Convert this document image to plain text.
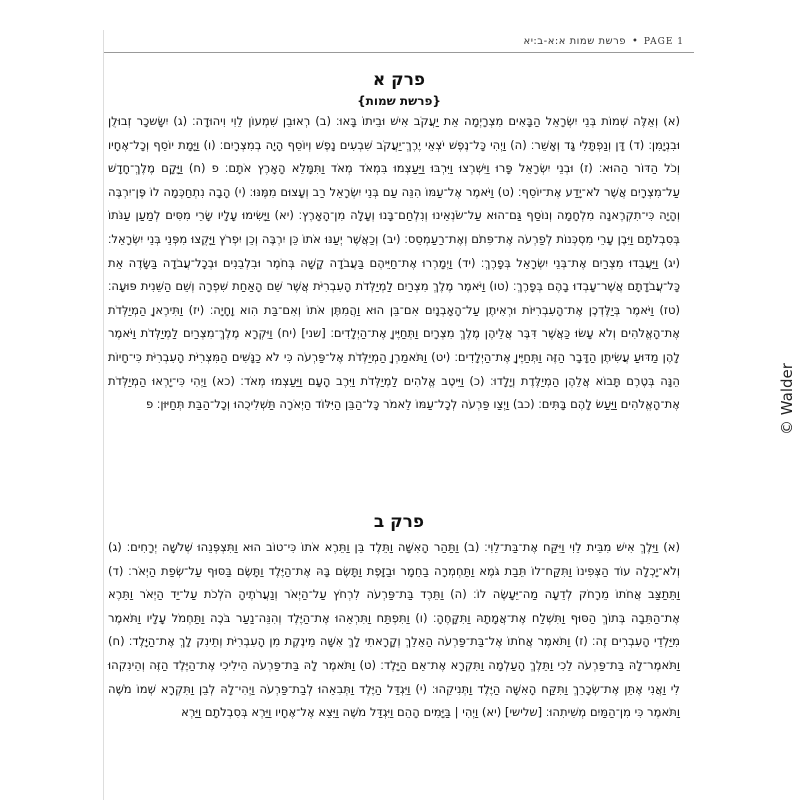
פרשת שמות א:א-ב:יא • PAGE 1
פרק א
{פרשת שמות}
(א) וְאֵלֶּה שְׁמוֹת בְּנֵי יִשְׂרָאֵל הַבָּאִים מִצְרָיְמָה אֵת יַעֲקֹב אִישׁ וּבֵיתוֹ בָּאוּ׃ (ב) רְאוּבֵן שִׁמְעוֹן לֵוִי וִיהוּדָה׃ (ג) יִשָּׂשכָר זְבוּלֻן וּבִנְיָמִן׃ (ד) דָּן וְנַפְתָּלִי גָּד וְאָשֵׁר׃ (ה) וַיְהִי כָּל־נֶפֶשׁ יֹצְאֵי יֶרֶךְ־יַעֲקֹב שִׁבְעִים נָפֶשׁ וְיוֹסֵף הָיָה בְמִצְרָיִם׃ (ו) וַיָּמָת יוֹסֵף וְכָל־אֶחָיו וְכֹל הַדּוֹר הַהוּא׃ (ז) וּבְנֵי יִשְׂרָאֵל פָּרוּ וַיִּשְׁרְצוּ וַיִּרְבּוּ וַיַּעַצְמוּ בִּמְאֹד מְאֹד וַתִּמָּלֵא הָאָרֶץ אֹתָם׃ פ (ח) וַיָּקָם מֶלֶךְ־חָדָשׁ עַל־מִצְרָיִם אֲשֶׁר לֹא־יָדַע אֶת־יוֹסֵף׃ (ט) וַיֹּאמֶר אֶל־עַמּוֹ הִנֵּה עַם בְּנֵי יִשְׂרָאֵל רַב וְעָצוּם מִמֶּנּוּ׃ (י) הָבָה נִתְחַכְּמָה לוֹ פֶּן־יִרְבֶּה וְהָיָה כִּי־תִקְרֶאנָה מִלְחָמָה וְנוֹסַף גַּם־הוּא עַל־שֹׂנְאֵינוּ וְנִלְחַם־בָּנוּ וְעָלָה מִן־הָאָרֶץ׃ (יא) וַיָּשִׂימוּ עָלָיו שָׂרֵי מִסִּים לְמַעַן עַנֹּתוֹ בְּסִבְלֹתָם וַיִּבֶן עָרֵי מִסְכְּנוֹת לְפַרְעֹה אֶת־פִּתֹם וְאֶת־רַעַמְסֵס׃ (יב) וְכַאֲשֶׁר יְעַנּוּ אֹתוֹ כֵּן יִרְבֶּה וְכֵן יִפְרֹץ וַיָּקֻצוּ מִפְּנֵי בְּנֵי יִשְׂרָאֵל׃ (יג) וַיַּעֲבִדוּ מִצְרַיִם אֶת־בְּנֵי יִשְׂרָאֵל בְּפָרֶךְ׃ (יד) וַיְמָרְרוּ אֶת־חַיֵּיהֶם בַּעֲבֹדָה קָשָׁה בְּחֹמֶר וּבִלְבֵנִים וּבְכָל־עֲבֹדָה בַּשָּׂדֶה אֵת כָּל־עֲבֹדָתָם אֲשֶׁר־עָבְדוּ בָהֶם בְּפָרֶךְ׃ (טו) וַיֹּאמֶר מֶלֶךְ מִצְרַיִם לַמְיַלְּדֹת הָעִבְרִיֹּת אֲשֶׁר שֵׁם הָאַחַת שִׁפְרָה וְשֵׁם הַשֵּׁנִית פּוּעָה׃ (טז) וַיֹּאמֶר בְּיַלֶּדְכֶן אֶת־הָעִבְרִיּוֹת וּרְאִיתֶן עַל־הָאָבְנָיִם אִם־בֵּן הוּא וַהֲמִתֶּן אֹתוֹ וְאִם־בַּת הִוא וָחָיָה׃ (יז) וַתִּירֶאןָ הַמְיַלְּדֹת אֶת־הָאֱלֹהִים וְלֹא עָשׂוּ כַּאֲשֶׁר דִּבֶּר אֲלֵיהֶן מֶלֶךְ מִצְרָיִם וַתְּחַיֶּיןָ אֶת־הַיְלָדִים׃ [שני] (יח) וַיִּקְרָא מֶלֶךְ־מִצְרַיִם לַמְיַלְּדֹת וַיֹּאמֶר לָהֶן מַדּוּעַ עֲשִׂיתֶן הַדָּבָר הַזֶּה וַתְּחַיֶּיןָ אֶת־הַיְלָדִים׃ (יט) וַתֹּאמַרְןָ הַמְיַלְּדֹת אֶל־פַּרְעֹה כִּי לֹא כַנָּשִׁים הַמִּצְרִיֹּת הָעִבְרִיֹּת כִּי־חָיוֹת הֵנָּה בְּטֶרֶם תָּבוֹא אֲלֵהֶן הַמְיַלֶּדֶת וְיָלָדוּ׃ (כ) וַיֵּיטֶב אֱלֹהִים לַמְיַלְּדֹת וַיִּרֶב הָעָם וַיַּעַצְמוּ מְאֹד׃ (כא) וַיְהִי כִּי־יָרְאוּ הַמְיַלְּדֹת אֶת־הָאֱלֹהִים וַיַּעַשׂ לָהֶם בָּתִּים׃ (כב) וַיְצַו פַּרְעֹה לְכָל־עַמּוֹ לֵאמֹר כָּל־הַבֵּן הַיִּלּוֹד הַיְאֹרָה תַּשְׁלִיכֻהוּ וְכָל־הַבַּת תְּחַיּוּן׃ פ
פרק ב
(א) וַיֵּלֶךְ אִישׁ מִבֵּית לֵוִי וַיִּקַּח אֶת־בַּת־לֵוִי׃ (ב) וַתַּהַר הָאִשָּׁה וַתֵּלֶד בֵּן וַתֵּרֶא אֹתוֹ כִּי־טוֹב הוּא וַתִּצְפְּנֵהוּ שְׁלֹשָׁה יְרָחִים׃ (ג) וְלֹא־יָכְלָה עוֹד הַצְּפִינוֹ וַתִּקַּח־לוֹ תֵּבַת גֹּמֶא וַתַּחְמְרָה בַחֵמָר וּבַזָּפֶת וַתָּשֶׂם בָּהּ אֶת־הַיֶּלֶד וַתָּשֶׂם בַּסּוּף עַל־שְׂפַת הַיְאֹר׃ (ד) וַתֵּתַצַּב אֲחֹתוֹ מֵרָחֹק לְדֵעָה מַה־יֵּעָשֶׂה לוֹ׃ (ה) וַתֵּרֶד בַּת־פַּרְעֹה לִרְחֹץ עַל־הַיְאֹר וְנַעֲרֹתֶיהָ הֹלְכֹת עַל־יַד הַיְאֹר וַתֵּרֶא אֶת־הַתֵּבָה בְּתוֹךְ הַסּוּף וַתִּשְׁלַח אֶת־אֲמָתָהּ וַתִּקָּחֶהָ׃ (ו) וַתִּפְתַּח וַתִּרְאֵהוּ אֶת־הַיֶּלֶד וְהִנֵּה־נַעַר בֹּכֶה וַתַּחְמֹל עָלָיו וַתֹּאמֶר מִיַּלְדֵי הָעִבְרִים זֶה׃ (ז) וַתֹּאמֶר אֲחֹתוֹ אֶל־בַּת־פַּרְעֹה הַאֵלֵךְ וְקָרָאתִי לָךְ אִשָּׁה מֵינֶקֶת מִן הָעִבְרִיֹּת וְתֵינִק לָךְ אֶת־הַיָּלֶד׃ (ח) וַתֹּאמֶר־לָהּ בַּת־פַּרְעֹה לֵכִי וַתֵּלֶךְ הָעַלְמָה וַתִּקְרָא אֶת־אֵם הַיָּלֶד׃ (ט) וַתֹּאמֶר לָהּ בַּת־פַּרְעֹה הֵילִיכִי אֶת־הַיֶּלֶד הַזֶּה וְהֵינִקִהוּ לִי וַאֲנִי אֶתֵּן אֶת־שְׂכָרֵךְ וַתִּקַּח הָאִשָּׁה הַיֶּלֶד וַתְּנִיקֵהוּ׃ (י) וַיִּגְדַּל הַיֶּלֶד וַתְּבִאֵהוּ לְבַת־פַּרְעֹה וַיְהִי־לָהּ לְבֵן וַתִּקְרָא שְׁמוֹ מֹשֶׁה וַתֹּאמֶר כִּי מִן־הַמַּיִם מְשִׁיתִהוּ׃ [שלישי] (יא) וַיְהִי | בַּיָּמִים הָהֵם וַיִּגְדַּל מֹשֶׁה וַיֵּצֵא אֶל־אֶחָיו וַיַּרְא בְּסִבְלֹתָם וַיַּרְא
© Walder
